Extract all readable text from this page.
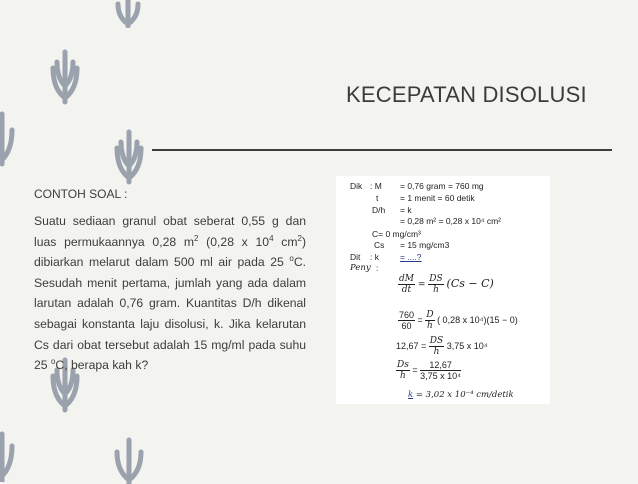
KECEPATAN DISOLUSI
CONTOH SOAL :
Suatu sediaan granul obat seberat 0,55 g dan luas permukaannya 0,28 $m^2$ (0,28 x $10^4$ $cm^2$) dibiarkan melarut dalam 500 ml air pada 25 $^o$C. Sesudah menit pertama, jumlah yang ada dalam larutan adalah 0,76 gram. Kuantitas D/h dikenal sebagai konstanta laju disolusi, k. Jika kelarutan Cs dari obat tersebut adalah 15 mg/ml pada suhu 25 $^o$C, berapa kah k?
Dik : M = 0,76 gram = 760 mg
t	= 1 menit = 60 detik
D/h = k
= 0,28 m² = 0,28 x 10⁴ cm²
C= 0 mg/cm³
Cs = 15 mg/cm3
Dit : k = ....?
Peny :
$\frac{dM}{dt} = \frac{DS}{h} (Cs - C)$
$\frac{760}{60} = \frac{D}{h}$ ( 0,28 x 10⁴)(15 − 0)
$12,67 = \frac{DS}{h} 3,75$ x 10⁴
$\frac{Ds}{h} = \frac{12,67}{\text{3,75 x 10⁴}}$
k = 3,02 x 10⁻⁴ cm/detik
